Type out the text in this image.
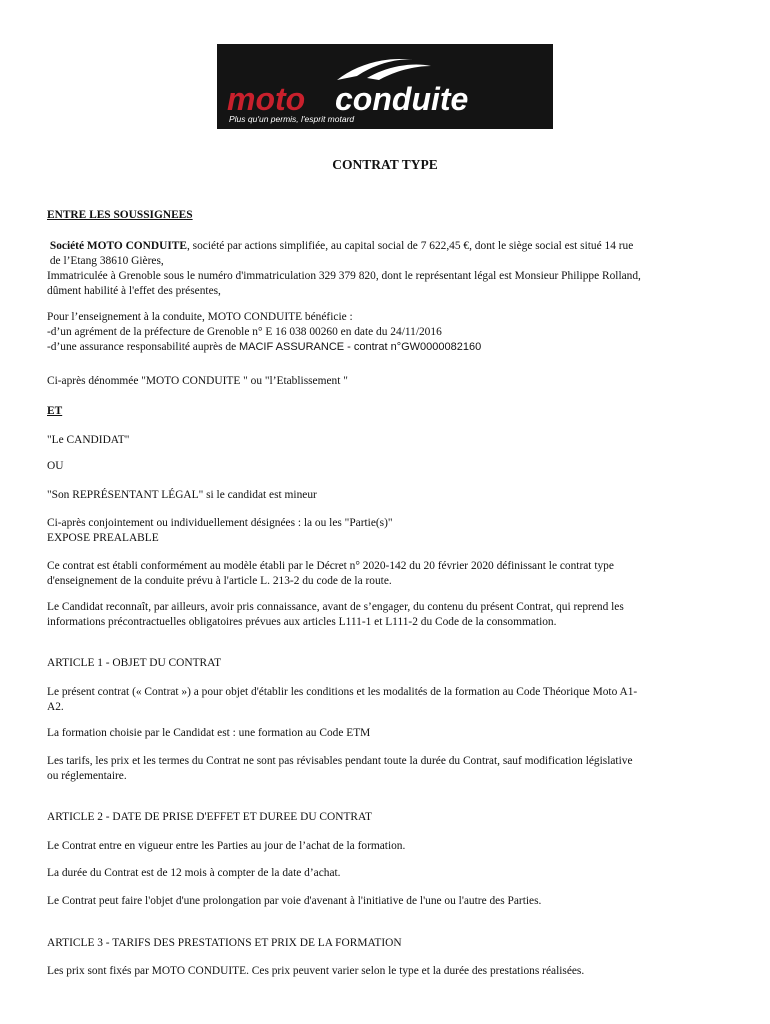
moto conduite
Plus qu'un permis, l'esprit motard
CONTRAT TYPE

ENTRE LES SOUSSIGNEES

Société MOTO CONDUITE, société par actions simplifiée, au capital social de 7 622,45 €, dont le siège social est situé 14 rue
de l’Etang 38610 Gières,
Immatriculée à Grenoble sous le numéro d'immatriculation 329 379 820, dont le représentant légal est Monsieur Philippe Rolland,
dûment habilité à l'effet des présentes,

Pour l’enseignement à la conduite, MOTO CONDUITE bénéficie :
-d’un agrément de la préfecture de Grenoble n° E 16 038 00260 en date du 24/11/2016
-d’une assurance responsabilité auprès de MACIF ASSURANCE - contrat n°GW0000082160

Ci-après dénommée "MOTO CONDUITE " ou "l’Etablissement "

ET

"Le CANDIDAT"

OU

"Son REPRÉSENTANT LÉGAL" si le candidat est mineur

Ci-après conjointement ou individuellement désignées : la ou les "Partie(s)"
EXPOSE PREALABLE

Ce contrat est établi conformément au modèle établi par le Décret n° 2020-142 du 20 février 2020 définissant le contrat type
d'enseignement de la conduite prévu à l'article L. 213-2 du code de la route.

Le Candidat reconnaît, par ailleurs, avoir pris connaissance, avant de s’engager, du contenu du présent Contrat, qui reprend les
informations précontractuelles obligatoires prévues aux articles L111-1 et L111-2 du Code de la consommation.

ARTICLE 1 - OBJET DU CONTRAT

Le présent contrat (« Contrat ») a pour objet d'établir les conditions et les modalités de la formation au Code Théorique Moto A1-
A2.

La formation choisie par le Candidat est : une formation au Code ETM

Les tarifs, les prix et les termes du Contrat ne sont pas révisables pendant toute la durée du Contrat, sauf modification législative
ou réglementaire.

ARTICLE 2 - DATE DE PRISE D'EFFET ET DUREE DU CONTRAT

Le Contrat entre en vigueur entre les Parties au jour de l’achat de la formation.

La durée du Contrat est de 12 mois à compter de la date d’achat.

Le Contrat peut faire l'objet d'une prolongation par voie d'avenant à l'initiative de l'une ou l'autre des Parties.

ARTICLE 3 - TARIFS DES PRESTATIONS ET PRIX DE LA FORMATION

Les prix sont fixés par MOTO CONDUITE. Ces prix peuvent varier selon le type et la durée des prestations réalisées.
